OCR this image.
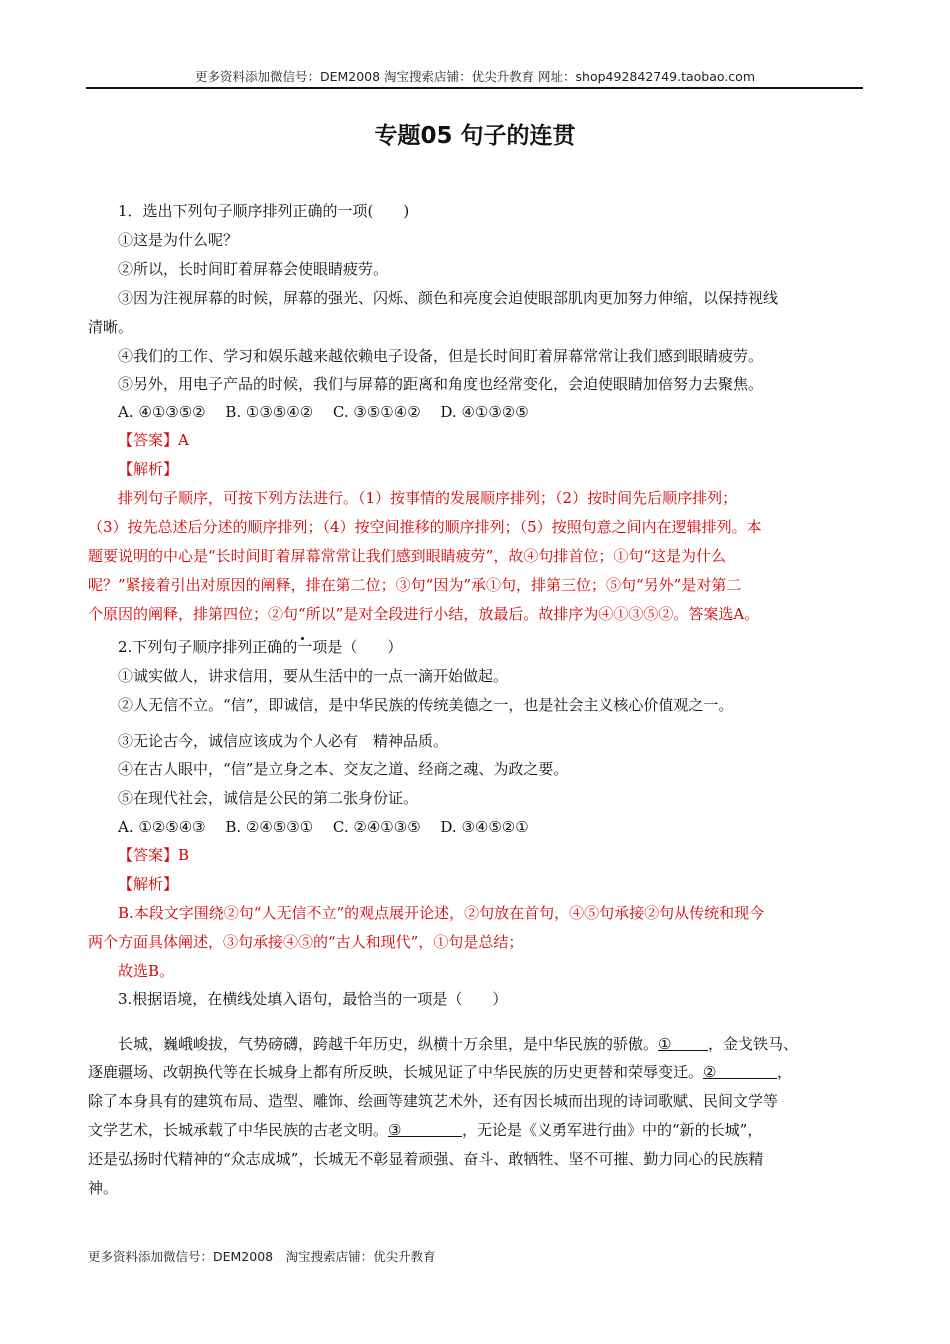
更多资料添加微信号：DEM2008 淘宝搜索店铺：优尖升教育 网址：shop492842749.taobao.com
专题05 句子的连贯
1．选出下列句子顺序排列正确的一项(　　)
①这是为什么呢？
②所以，长时间盯着屏幕会使眼睛疲劳。
③因为注视屏幕的时候，屏幕的强光、闪烁、颜色和亮度会迫使眼部肌肉更加努力伸缩，以保持视线
清晰。
④我们的工作、学习和娱乐越来越依赖电子设备，但是长时间盯着屏幕常常让我们感到眼睛疲劳。
⑤另外，用电子产品的时候，我们与屏幕的距离和角度也经常变化，会迫使眼睛加倍努力去聚焦。
A. ④①③⑤②　 B. ①③⑤④②　 C. ③⑤①④②　 D. ④①③②⑤
【答案】A
【解析】
排列句子顺序，可按下列方法进行。（1）按事情的发展顺序排列；（2）按时间先后顺序排列；
（3）按先总述后分述的顺序排列；（4）按空间推移的顺序排列；（5）按照句意之间内在逻辑排列。本
题要说明的中心是“长时间盯着屏幕常常让我们感到眼睛疲劳”，故④句排首位；①句“这是为什么
呢？”紧接着引出对原因的阐释，排在第二位；③句“因为”承①句，排第三位；⑤句“另外”是对第二
个原因的阐释，排第四位；②句“所以”是对全段进行小结，放最后。故排序为④①③⑤②。答案选A。
2.下列句子顺序排列正确的一项是（　　）
①诚实做人，讲求信用，要从生活中的一点一滴开始做起。
②人无信不立。“信”，即诚信，是中华民族的传统美德之一，也是社会主义核心价值观之一。
③无论古今，诚信应该成为个人必有　精神品质。
④在古人眼中，“信”是立身之本、交友之道、经商之魂、为政之要。
⑤在现代社会，诚信是公民的第二张身份证。
A. ①②⑤④③　 B. ②④⑤③①　 C. ②④①③⑤　 D. ③④⑤②①
【答案】B
【解析】
B.本段文字围绕②句“人无信不立”的观点展开论述，②句放在首句，④⑤句承接②句从传统和现今
两个方面具体阐述，③句承接④⑤的“古人和现代”，①句是总结；
故选B。
3.根据语境，在横线处填入语句，最恰当的一项是（　　）
长城，巍峨峻拔，气势磅礴，跨越千年历史，纵横十万余里，是中华民族的骄傲。① ，金戈铁马、
逐鹿疆场、改朝换代等在长城身上都有所反映，长城见证了中华民族的历史更替和荣辱变迁。②	，
除了本身具有的建筑布局、造型、雕饰、绘画等建筑艺术外，还有因长城而出现的诗词歌赋、民间文学等
文学艺术，长城承载了中华民族的古老文明。③	，无论是《义勇军进行曲》中的“新的长城”，
还是弘扬时代精神的“众志成城”，长城无不彰显着顽强、奋斗、敢牺牲、坚不可摧、勤力同心的民族精
神。
更多资料添加微信号：DEM2008　淘宝搜索店铺：优尖升教育
